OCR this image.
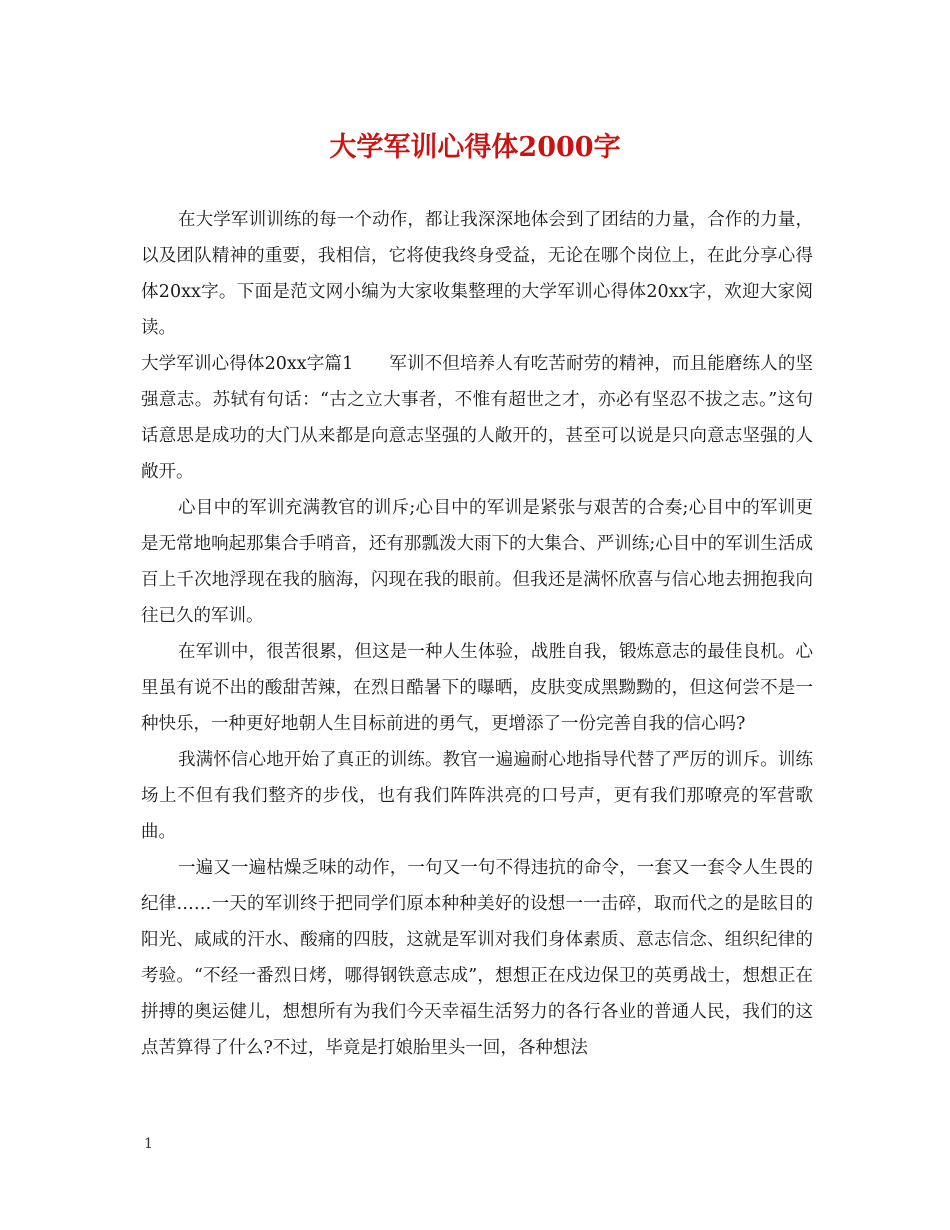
大学军训心得体2000字

在大学军训训练的每一个动作，都让我深深地体会到了团结的力量，合作的力量，以及团队精神的重要，我相信，它将使我终身受益，无论在哪个岗位上，在此分享心得体20xx字。下面是范文网小编为大家收集整理的大学军训心得体20xx字，欢迎大家阅读。

大学军训心得体20xx字篇1 军训不但培养人有吃苦耐劳的精神，而且能磨练人的坚强意志。苏轼有句话：“古之立大事者，不惟有超世之才，亦必有坚忍不拔之志。”这句话意思是成功的大门从来都是向意志坚强的人敞开的，甚至可以说是只向意志坚强的人敞开。

心目中的军训充满教官的训斥;心目中的军训是紧张与艰苦的合奏;心目中的军训更是无常地响起那集合手哨音，还有那瓢泼大雨下的大集合、严训练;心目中的军训生活成百上千次地浮现在我的脑海，闪现在我的眼前。但我还是满怀欣喜与信心地去拥抱我向往已久的军训。

在军训中，很苦很累，但这是一种人生体验，战胜自我，锻炼意志的最佳良机。心里虽有说不出的酸甜苦辣，在烈日酷暑下的曝晒，皮肤变成黑黝黝的，但这何尝不是一种快乐，一种更好地朝人生目标前进的勇气，更增添了一份完善自我的信心吗?

我满怀信心地开始了真正的训练。教官一遍遍耐心地指导代替了严厉的训斥。训练场上不但有我们整齐的步伐，也有我们阵阵洪亮的口号声，更有我们那嘹亮的军营歌曲。

一遍又一遍枯燥乏味的动作，一句又一句不得违抗的命令，一套又一套令人生畏的纪律……一天的军训终于把同学们原本种种美好的设想一一击碎，取而代之的是眩目的阳光、咸咸的汗水、酸痛的四肢，这就是军训对我们身体素质、意志信念、组织纪律的考验。“不经一番烈日烤，哪得钢铁意志成”，想想正在戍边保卫的英勇战士，想想正在拼搏的奥运健儿，想想所有为我们今天幸福生活努力的各行各业的普通人民，我们的这点苦算得了什么?不过，毕竟是打娘胎里头一回，各种想法

1
